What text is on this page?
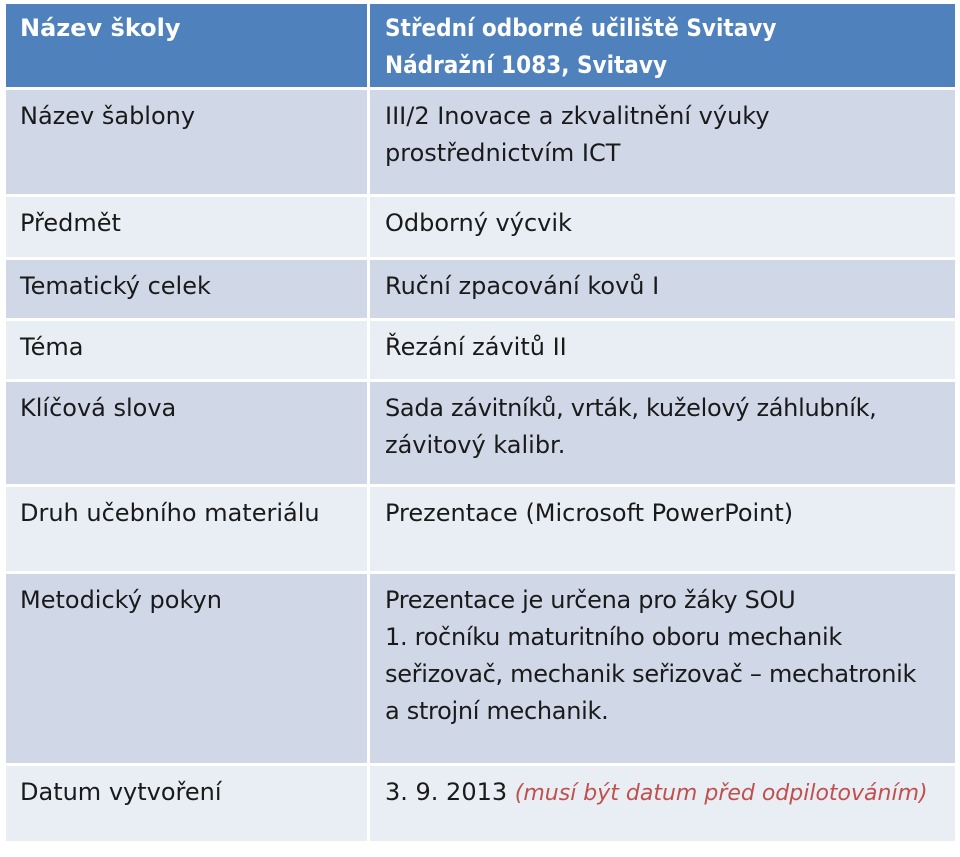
Název školy	Střední odborné učiliště Svitavy
Nádražní 1083, Svitavy

Název šablony	III/2 Inovace a zkvalitnění výuky
prostřednictvím ICT

Předmět	Odborný výcvik
Tematický celek	Ruční zpacování kovů I
Téma	Řezání závitů II
Klíčová slova	Sada závitníků, vrták, kuželový záhlubník,
závitový kalibr.

Druh učebního materiálu	Prezentace (Microsoft PowerPoint)
Metodický pokyn	Prezentace je určena pro žáky SOU
1. ročníku maturitního oboru mechanik
seřizovač, mechanik seřizovač – mechatronik
a strojní mechanik.

Datum vytvoření	3. 9. 2013 (musí být datum před odpilotováním)
